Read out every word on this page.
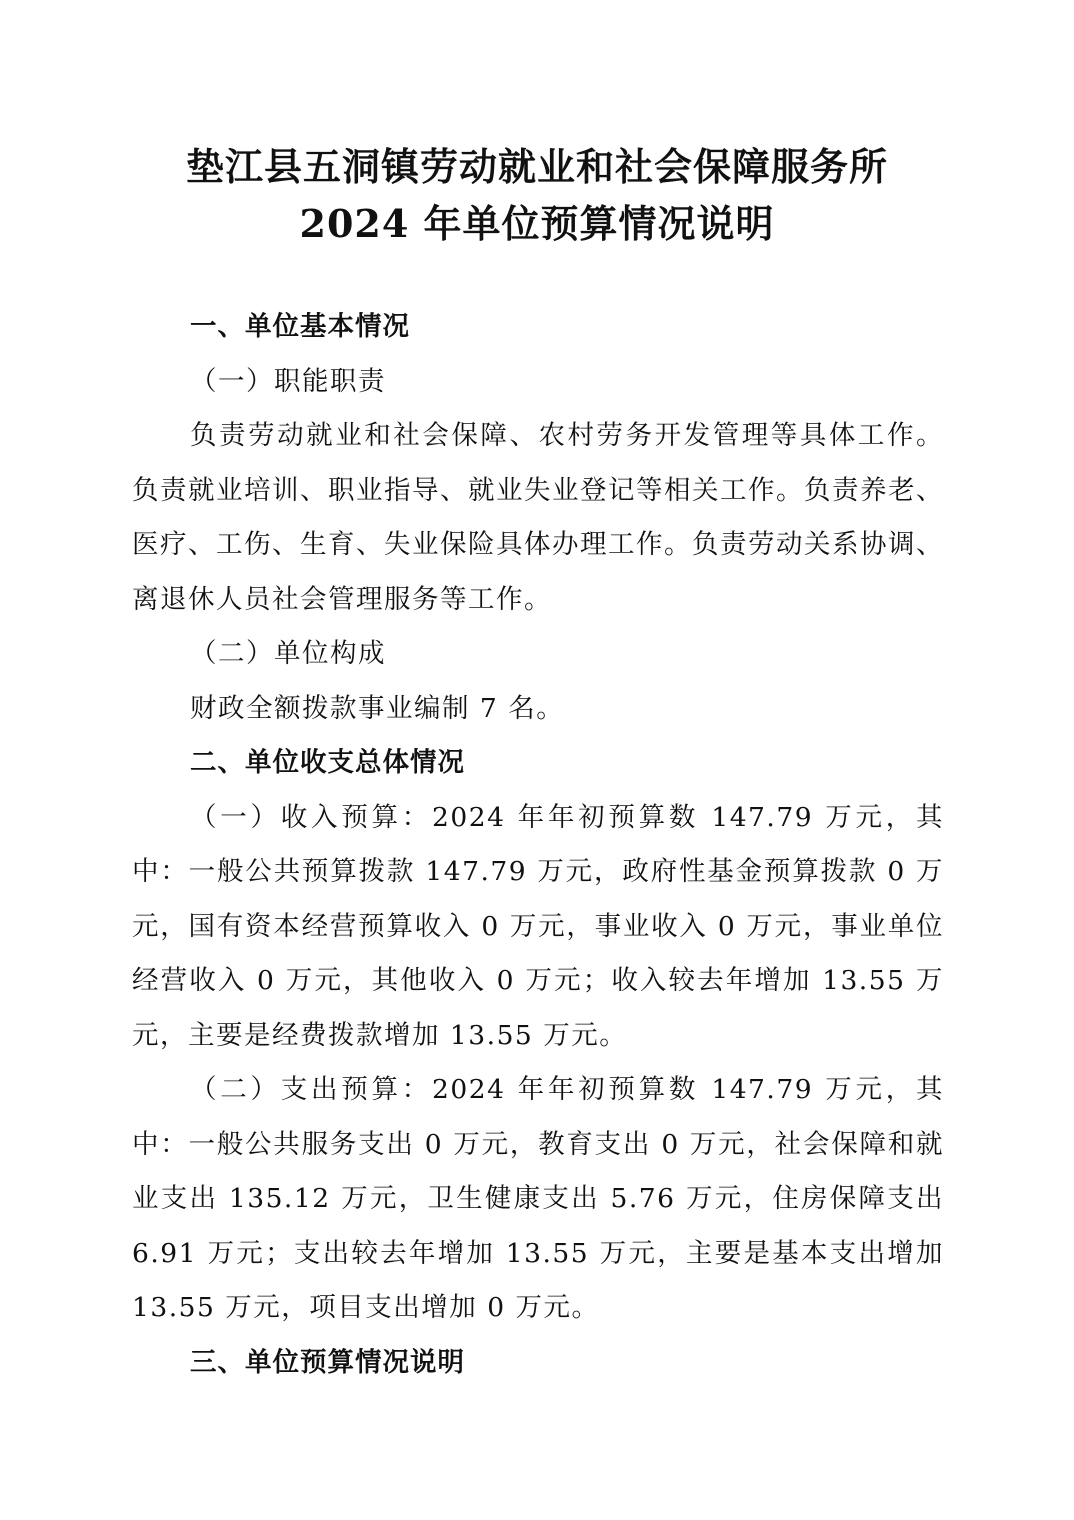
垫江县五洞镇劳动就业和社会保障服务所
2024 年单位预算情况说明

一、单位基本情况

（一）职能职责

负责劳动就业和社会保障、农村劳务开发管理等具体工作。负责就业培训、职业指导、就业失业登记等相关工作。负责养老、医疗、工伤、生育、失业保险具体办理工作。负责劳动关系协调、离退休人员社会管理服务等工作。

（二）单位构成

财政全额拨款事业编制 7 名。

二、单位收支总体情况

（一）收入预算：2024 年年初预算数 147.79 万元，其中：一般公共预算拨款 147.79 万元，政府性基金预算拨款 0 万元，国有资本经营预算收入 0 万元，事业收入 0 万元，事业单位经营收入 0 万元，其他收入 0 万元；收入较去年增加 13.55 万元，主要是经费拨款增加 13.55 万元。

（二）支出预算：2024 年年初预算数 147.79 万元，其中：一般公共服务支出 0 万元，教育支出 0 万元，社会保障和就业支出 135.12 万元，卫生健康支出 5.76 万元，住房保障支出 6.91 万元；支出较去年增加 13.55 万元，主要是基本支出增加 13.55 万元，项目支出增加 0 万元。

三、单位预算情况说明
